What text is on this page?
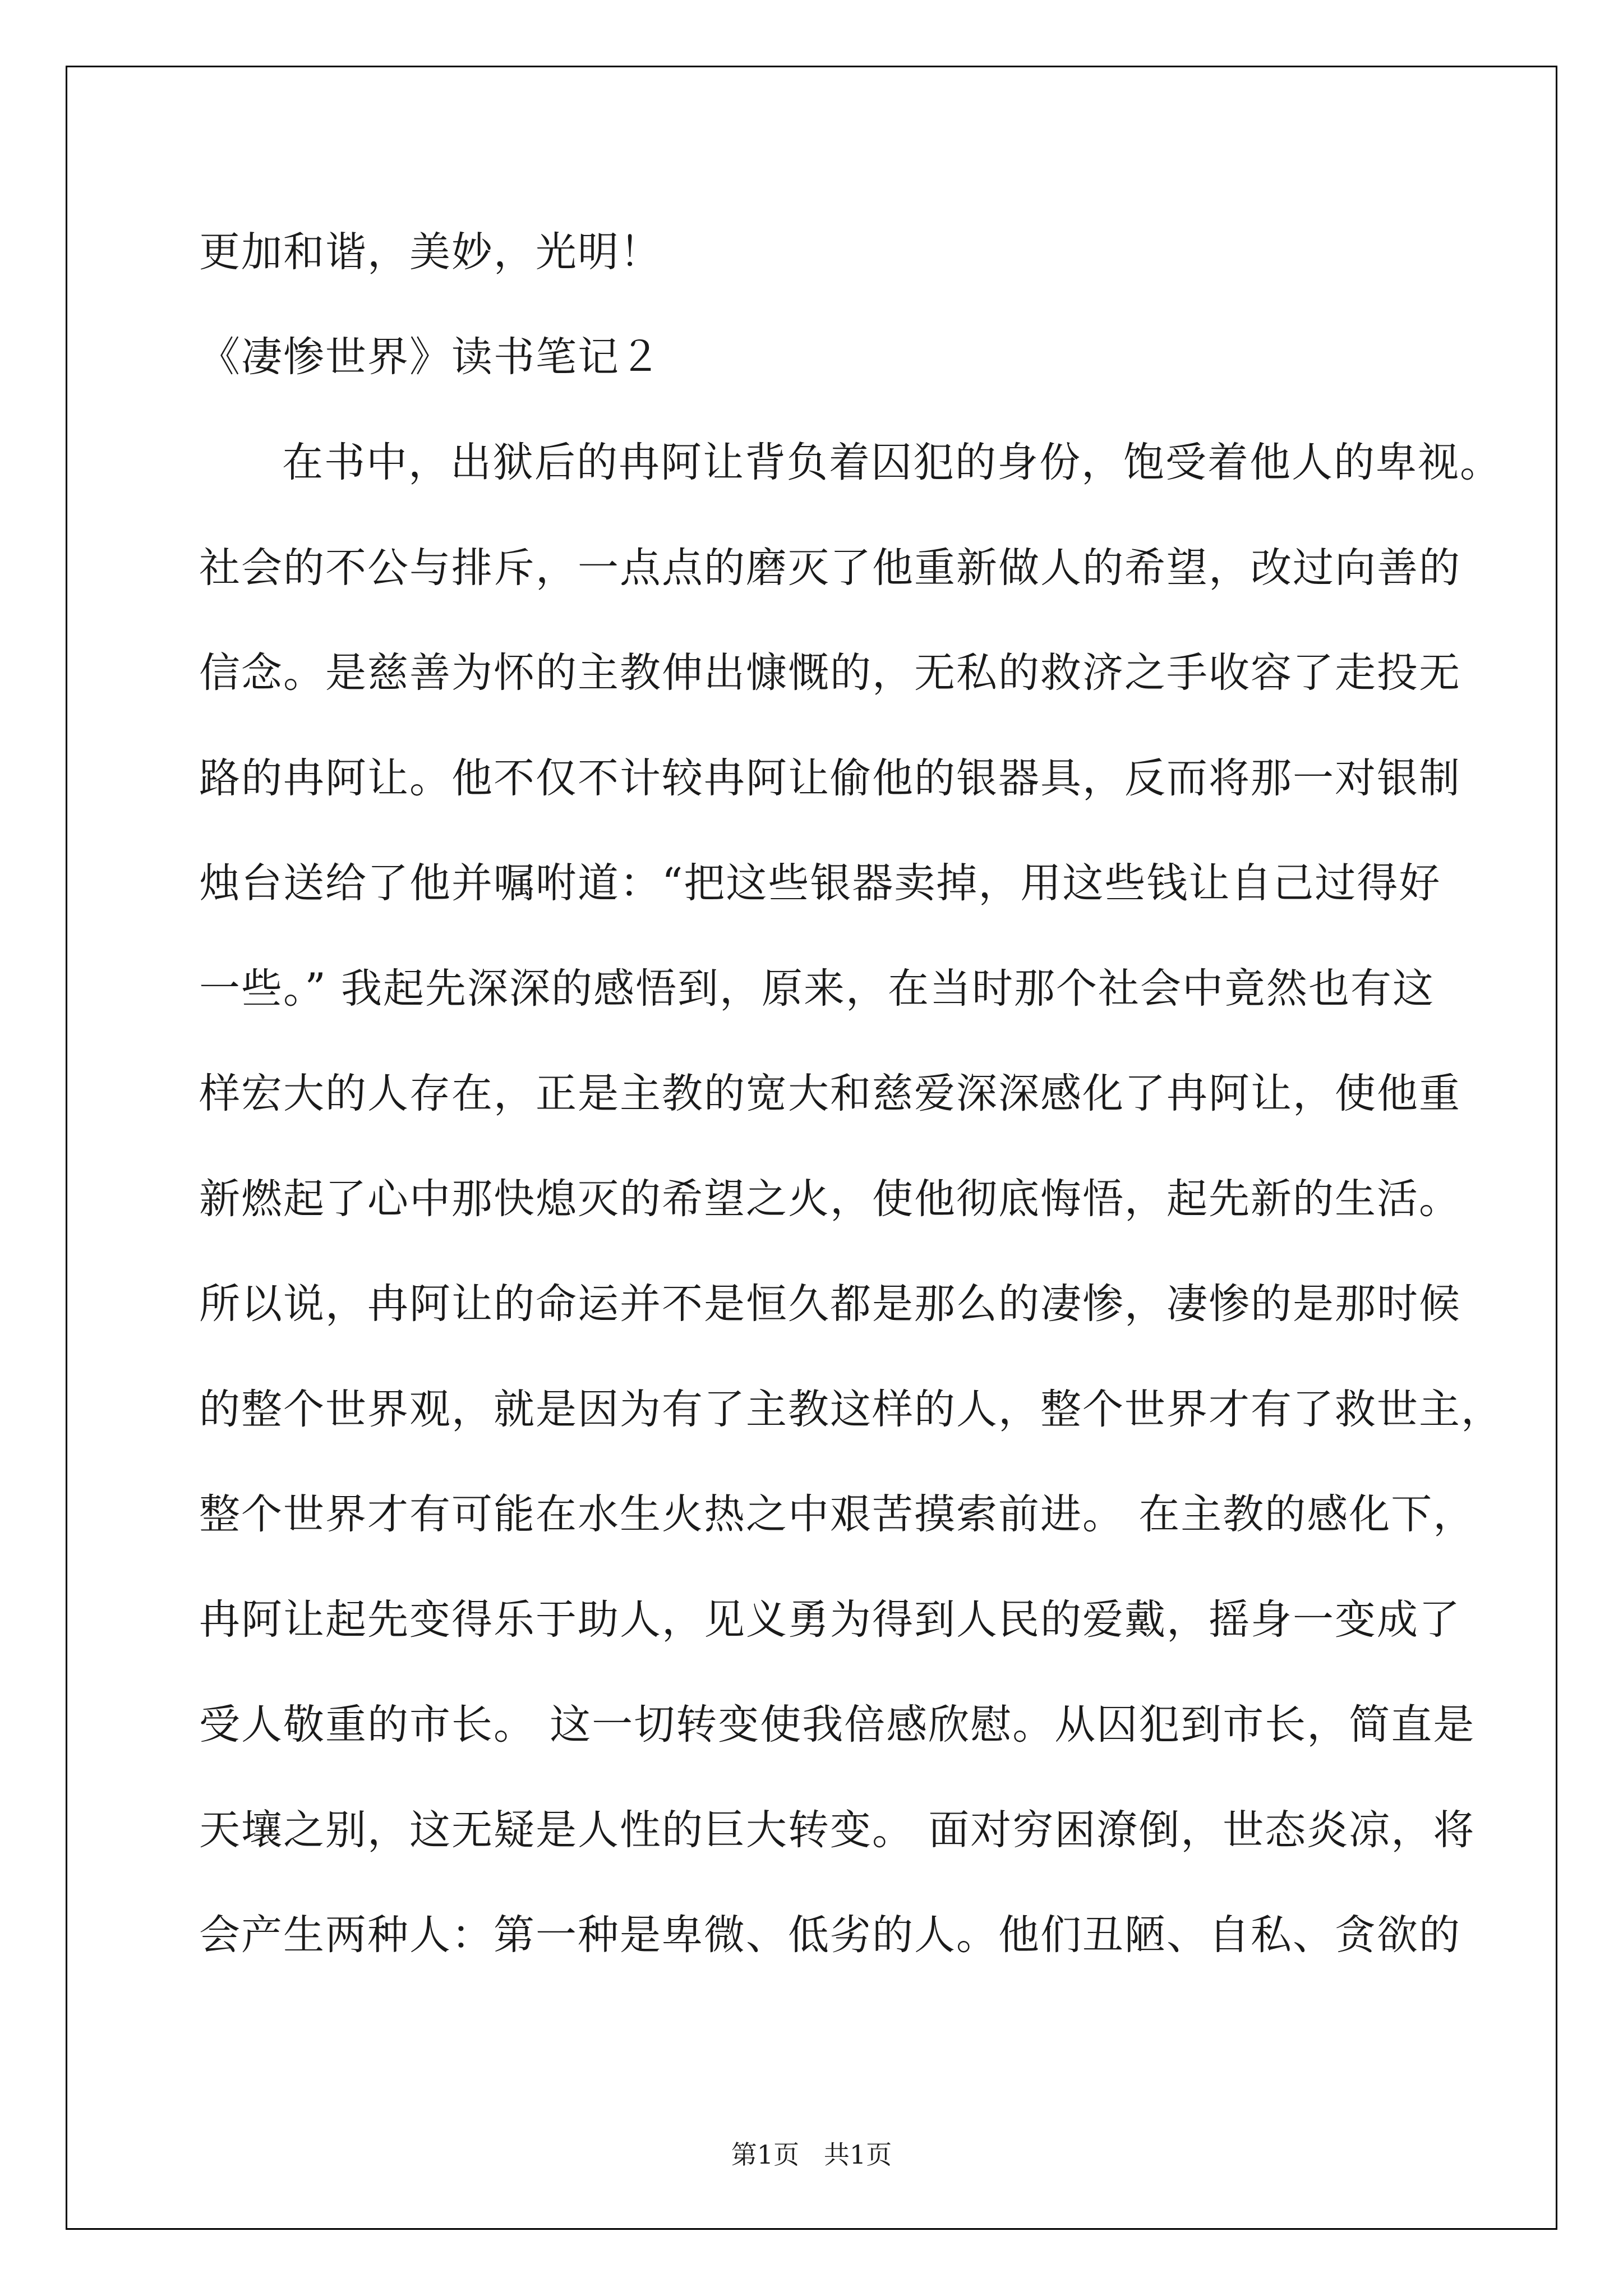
更加和谐，美妙，光明！
《凄惨世界》读书笔记２
在书中，出狱后的冉阿让背负着囚犯的身份，饱受着他人的卑视。
社会的不公与排斥，一点点的磨灭了他重新做人的希望，改过向善的
信念。是慈善为怀的主教伸出慷慨的，无私的救济之手收容了走投无
路的冉阿让。他不仅不计较冉阿让偷他的银器具，反而将那一对银制
烛台送给了他并嘱咐道：“把这些银器卖掉，用这些钱让自己过得好
一些。” 我起先深深的感悟到，原来，在当时那个社会中竟然也有这
样宏大的人存在，正是主教的宽大和慈爱深深感化了冉阿让，使他重
新燃起了心中那快熄灭的希望之火，使他彻底悔悟，起先新的生活。
所以说，冉阿让的命运并不是恒久都是那么的凄惨，凄惨的是那时候
的整个世界观，就是因为有了主教这样的人，整个世界才有了救世主，
整个世界才有可能在水生火热之中艰苦摸索前进。 在主教的感化下，
冉阿让起先变得乐于助人，见义勇为得到人民的爱戴，摇身一变成了
受人敬重的市长。 这一切转变使我倍感欣慰。从囚犯到市长，简直是
天壤之别，这无疑是人性的巨大转变。 面对穷困潦倒，世态炎凉，将
会产生两种人：第一种是卑微、低劣的人。他们丑陋、自私、贪欲的
第1页   共1页
